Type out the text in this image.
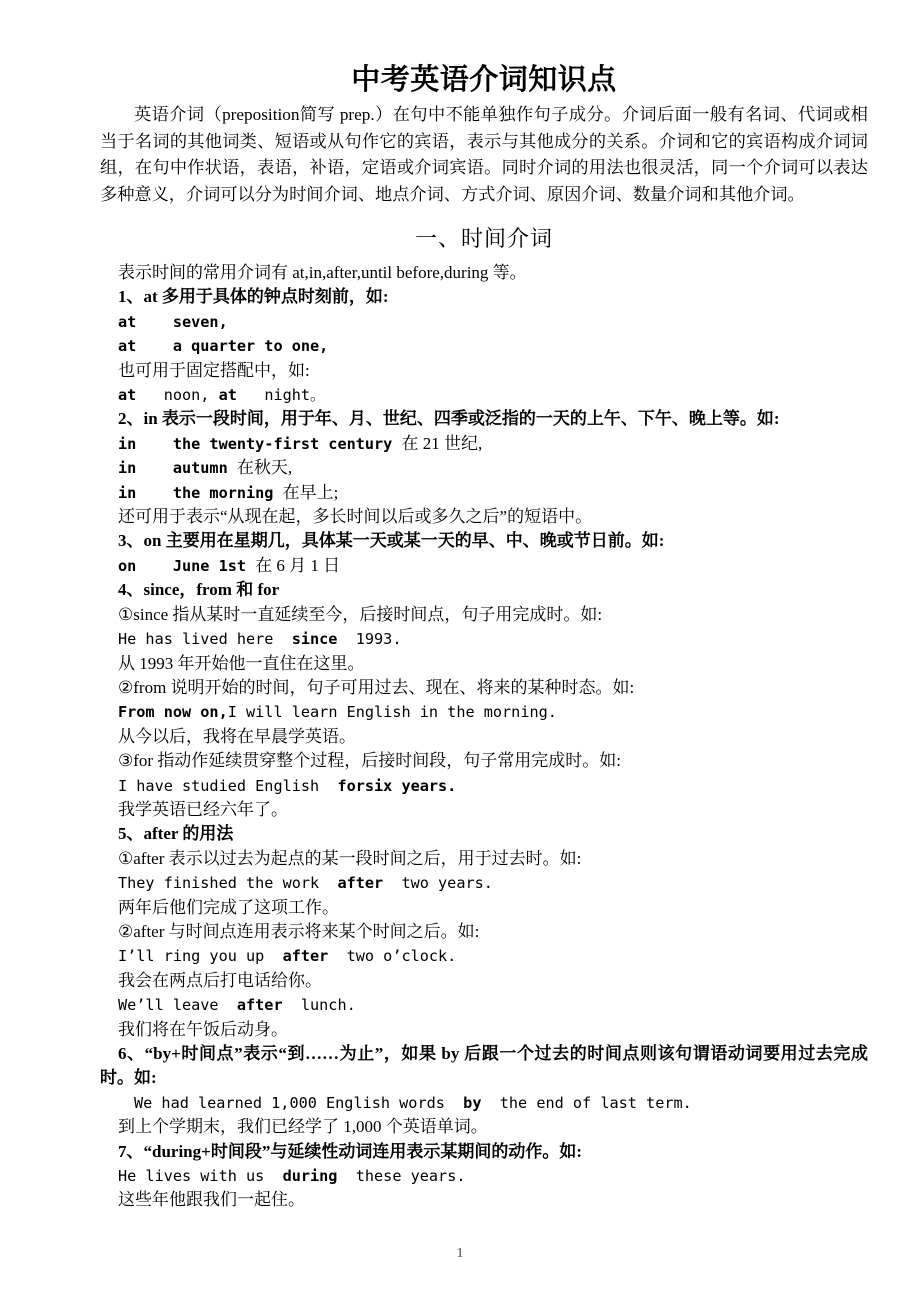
中考英语介词知识点

英语介词（preposition简写 prep.）在句中不能单独作句子成分。介词后面一般有名词、代词或相当于名词的其他词类、短语或从句作它的宾语，表示与其他成分的关系。介词和它的宾语构成介词词组，在句中作状语，表语，补语，定语或介词宾语。同时介词的用法也很灵活，同一个介词可以表达多种意义，介词可以分为时间介词、地点介词、方式介词、原因介词、数量介词和其他介词。

一、时间介词

表示时间的常用介词有 at,in,after,until before,during 等。

1、at 多用于具体的钟点时刻前，如:

at    seven,

at    a quarter to one,

也可用于固定搭配中，如:

at noon, at night。

2、in 表示一段时间，用于年、月、世纪、四季或泛指的一天的上午、下午、晚上等。如:

in    the twenty-first century 在 21 世纪,

in    autumn 在秋天,

in    the morning 在早上;

还可用于表示“从现在起，多长时间以后或多久之后”的短语中。

3、on 主要用在星期几，具体某一天或某一天的早、中、晚或节日前。如:

on    June 1st 在 6 月 1 日

4、since，from 和 for

①since 指从某时一直延续至今，后接时间点，句子用完成时。如:

He has lived here  since  1993.

从 1993 年开始他一直住在这里。

②from 说明开始的时间，句子可用过去、现在、将来的某种时态。如:

From now on,I will learn English in the morning.

从今以后，我将在早晨学英语。

③for 指动作延续贯穿整个过程，后接时间段，句子常用完成时。如:

I have studied English  forsix years.

我学英语已经六年了。

5、after 的用法

①after 表示以过去为起点的某一段时间之后，用于过去时。如:

They finished the work  after  two years.

两年后他们完成了这项工作。

②after 与时间点连用表示将来某个时间之后。如:

I’ll ring you up  after  two o’clock.

我会在两点后打电话给你。

We’ll leave  after  lunch.

我们将在午饭后动身。

6、“by+时间点”表示“到……为止”，如果 by 后跟一个过去的时间点则该句谓语动词要用过去完成时。如:

We had learned 1,000 English words  by  the end of last term.

到上个学期末，我们已经学了 1,000 个英语单词。

7、“during+时间段”与延续性动词连用表示某期间的动作。如:

He lives with us  during  these years.

这些年他跟我们一起住。

1
